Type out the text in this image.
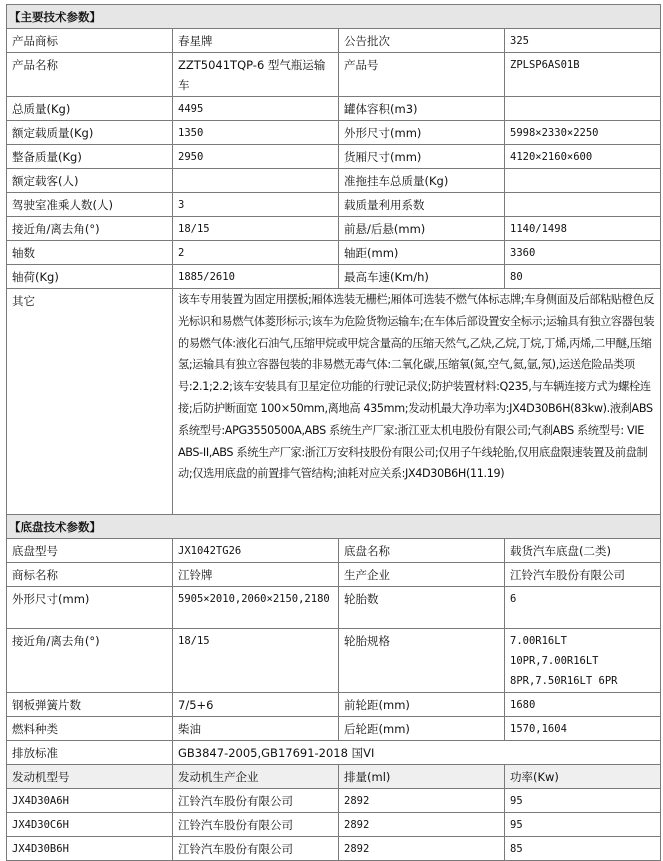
【主要技术参数】			
产品商标	春星牌	公告批次	325
产品名称	ZZT5041TQP-6 型气瓶运输车	产品号	ZPLSP6AS01B
总质量(Kg)	4495	罐体容积(m3)	
额定载质量(Kg)	1350	外形尺寸(mm)	5998×2330×2250
整备质量(Kg)	2950	货厢尺寸(mm)	4120×2160×600
额定载客(人)		准拖挂车总质量(Kg)	
驾驶室准乘人数(人)	3	载质量利用系数	
接近角/离去角(°)	18/15	前悬/后悬(mm)	1140/1498
轴数	2	轴距(mm)	3360
轴荷(Kg)	1885/2610	最高车速(Km/h)	80
其它	该车专用装置为固定用摆板;厢体选装无栅栏;厢体可选装不燃气体标志牌;车身侧面及后部粘贴橙色反光标识和易燃气体菱形标示;该车为危险货物运输车;在车体后部设置安全标示;运输具有独立容器包装的易燃气体:液化石油气,压缩甲烷或甲烷含量高的压缩天然气,乙炔,乙烷,丁烷,丁烯,丙烯,二甲醚,压缩氢;运输具有独立容器包装的非易燃无毒气体:二氧化碳,压缩氧(氮,空气,氦,氩,氖),运送危险品类项号:2.1;2.2;该车安装具有卫星定位功能的行驶记录仪;防护装置材料:Q235,与车辆连接方式为螺栓连接;后防护断面宽 100×50mm,离地高 435mm;发动机最大净功率为:JX4D30B6H(83kw).液刹ABS 系统型号:APG3550500A,ABS 系统生产厂家:浙江亚太机电股份有限公司;气刹ABS 系统型号: VIE ABS-II,ABS 系统生产厂家:浙江万安科技股份有限公司;仅用子午线轮胎,仅用底盘限速装置及前盘制动;仅选用底盘的前置排气管结构;油耗对应关系:JX4D30B6H(11.19)		
【底盘技术参数】			
底盘型号	JX1042TG26	底盘名称	载货汽车底盘(二类)
商标名称	江铃牌	生产企业	江铃汽车股份有限公司
外形尺寸(mm)	5905×2010,2060×2150,2180	轮胎数	6
接近角/离去角(°)	18/15	轮胎规格	7.00R16LT
10PR,7.00R16LT
8PR,7.50R16LT 6PR
钢板弹簧片数	7/5+6	前轮距(mm)	1680
燃料种类	柴油	后轮距(mm)	1570,1604
排放标准	GB3847-2005,GB17691-2018 国VI		
发动机型号	发动机生产企业	排量(ml)	功率(Kw)
JX4D30A6H	江铃汽车股份有限公司	2892	95
JX4D30C6H	江铃汽车股份有限公司	2892	95
JX4D30B6H	江铃汽车股份有限公司	2892	85
